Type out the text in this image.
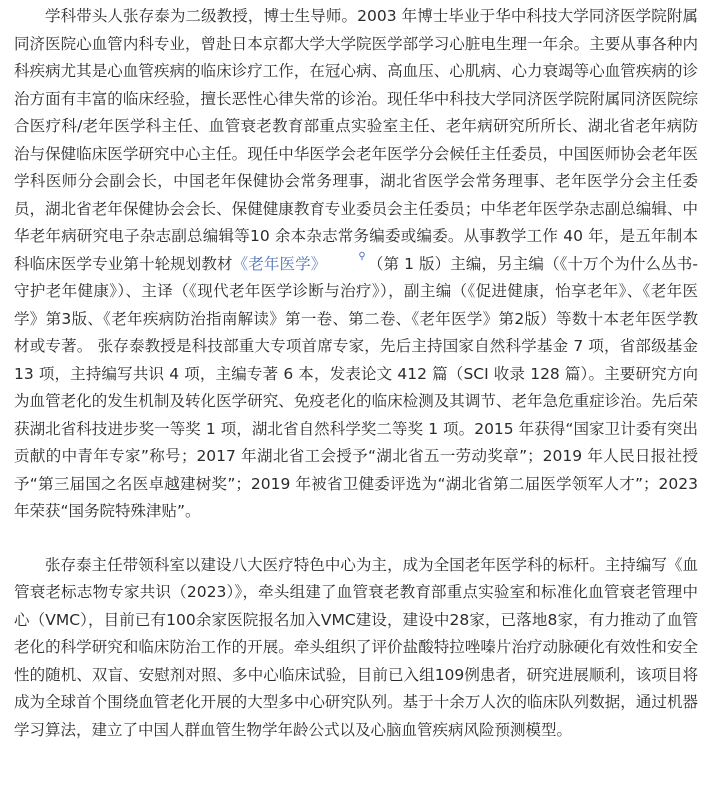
学科带头人张存泰为二级教授，博士生导师。2003 年博士毕业于华中科技大学同济医学院附属同济医院心血管内科专业，曾赴日本京都大学大学院医学部学习心脏电生理一年余。主要从事各种内科疾病尤其是心血管疾病的临床诊疗工作，在冠心病、高血压、心肌病、心力衰竭等心血管疾病的诊治方面有丰富的临床经验，擅长恶性心律失常的诊治。现任华中科技大学同济医学院附属同济医院综合医疗科/老年医学科主任、血管衰老教育部重点实验室主任、老年病研究所所长、湖北省老年病防治与保健临床医学研究中心主任。现任中华医学会老年医学分会候任主任委员，中国医师协会老年医学科医师分会副会长，中国老年保健协会常务理事，湖北省医学会常务理事、老年医学分会主任委员，湖北省老年保健协会会长、保健健康教育专业委员会主任委员；中华老年医学杂志副总编辑、中华老年病研究电子杂志副总编辑等10 余本杂志常务编委或编委。从事教学工作 40 年，是五年制本科临床医学专业第十轮规划教材《老年医学》	⚲ （第 1 版）主编，另主编（《十万个为什么丛书-守护老年健康》）、主译（《现代老年医学诊断与治疗》），副主编（《促进健康，怡享老年》、《老年医学》第3版、《老年疾病防治指南解读》第一卷、第二卷、《老年医学》第2版）等数十本老年医学教材或专著。 张存泰教授是科技部重大专项首席专家，先后主持国家自然科学基金 7 项，省部级基金 13 项，主持编写共识 4 项，主编专著 6 本，发表论文 412 篇（SCI 收录 128 篇）。主要研究方向为血管老化的发生机制及转化医学研究、免疫老化的临床检测及其调节、老年急危重症诊治。先后荣获湖北省科技进步奖一等奖 1 项，湖北省自然科学奖二等奖 1 项。2015 年获得“国家卫计委有突出贡献的中青年专家”称号；2017 年湖北省工会授予“湖北省五一劳动奖章”；2019 年人民日报社授予“第三届国之名医卓越建树奖”；2019 年被省卫健委评选为“湖北省第二届医学领军人才”；2023 年荣获“国务院特殊津贴”。

张存泰主任带领科室以建设八大医疗特色中心为主，成为全国老年医学科的标杆。主持编写《血管衰老标志物专家共识（2023）》，牵头组建了血管衰老教育部重点实验室和标准化血管衰老管理中心（VMC），目前已有100余家医院报名加入VMC建设，建设中28家，已落地8家，有力推动了血管老化的科学研究和临床防治工作的开展。牵头组织了评价盐酸特拉唑嗪片治疗动脉硬化有效性和安全性的随机、双盲、安慰剂对照、多中心临床试验，目前已入组109例患者，研究进展顺利，该项目将成为全球首个围绕血管老化开展的大型多中心研究队列。基于十余万人次的临床队列数据，通过机器学习算法，建立了中国人群血管生物学年龄公式以及心脑血管疾病风险预测模型。
